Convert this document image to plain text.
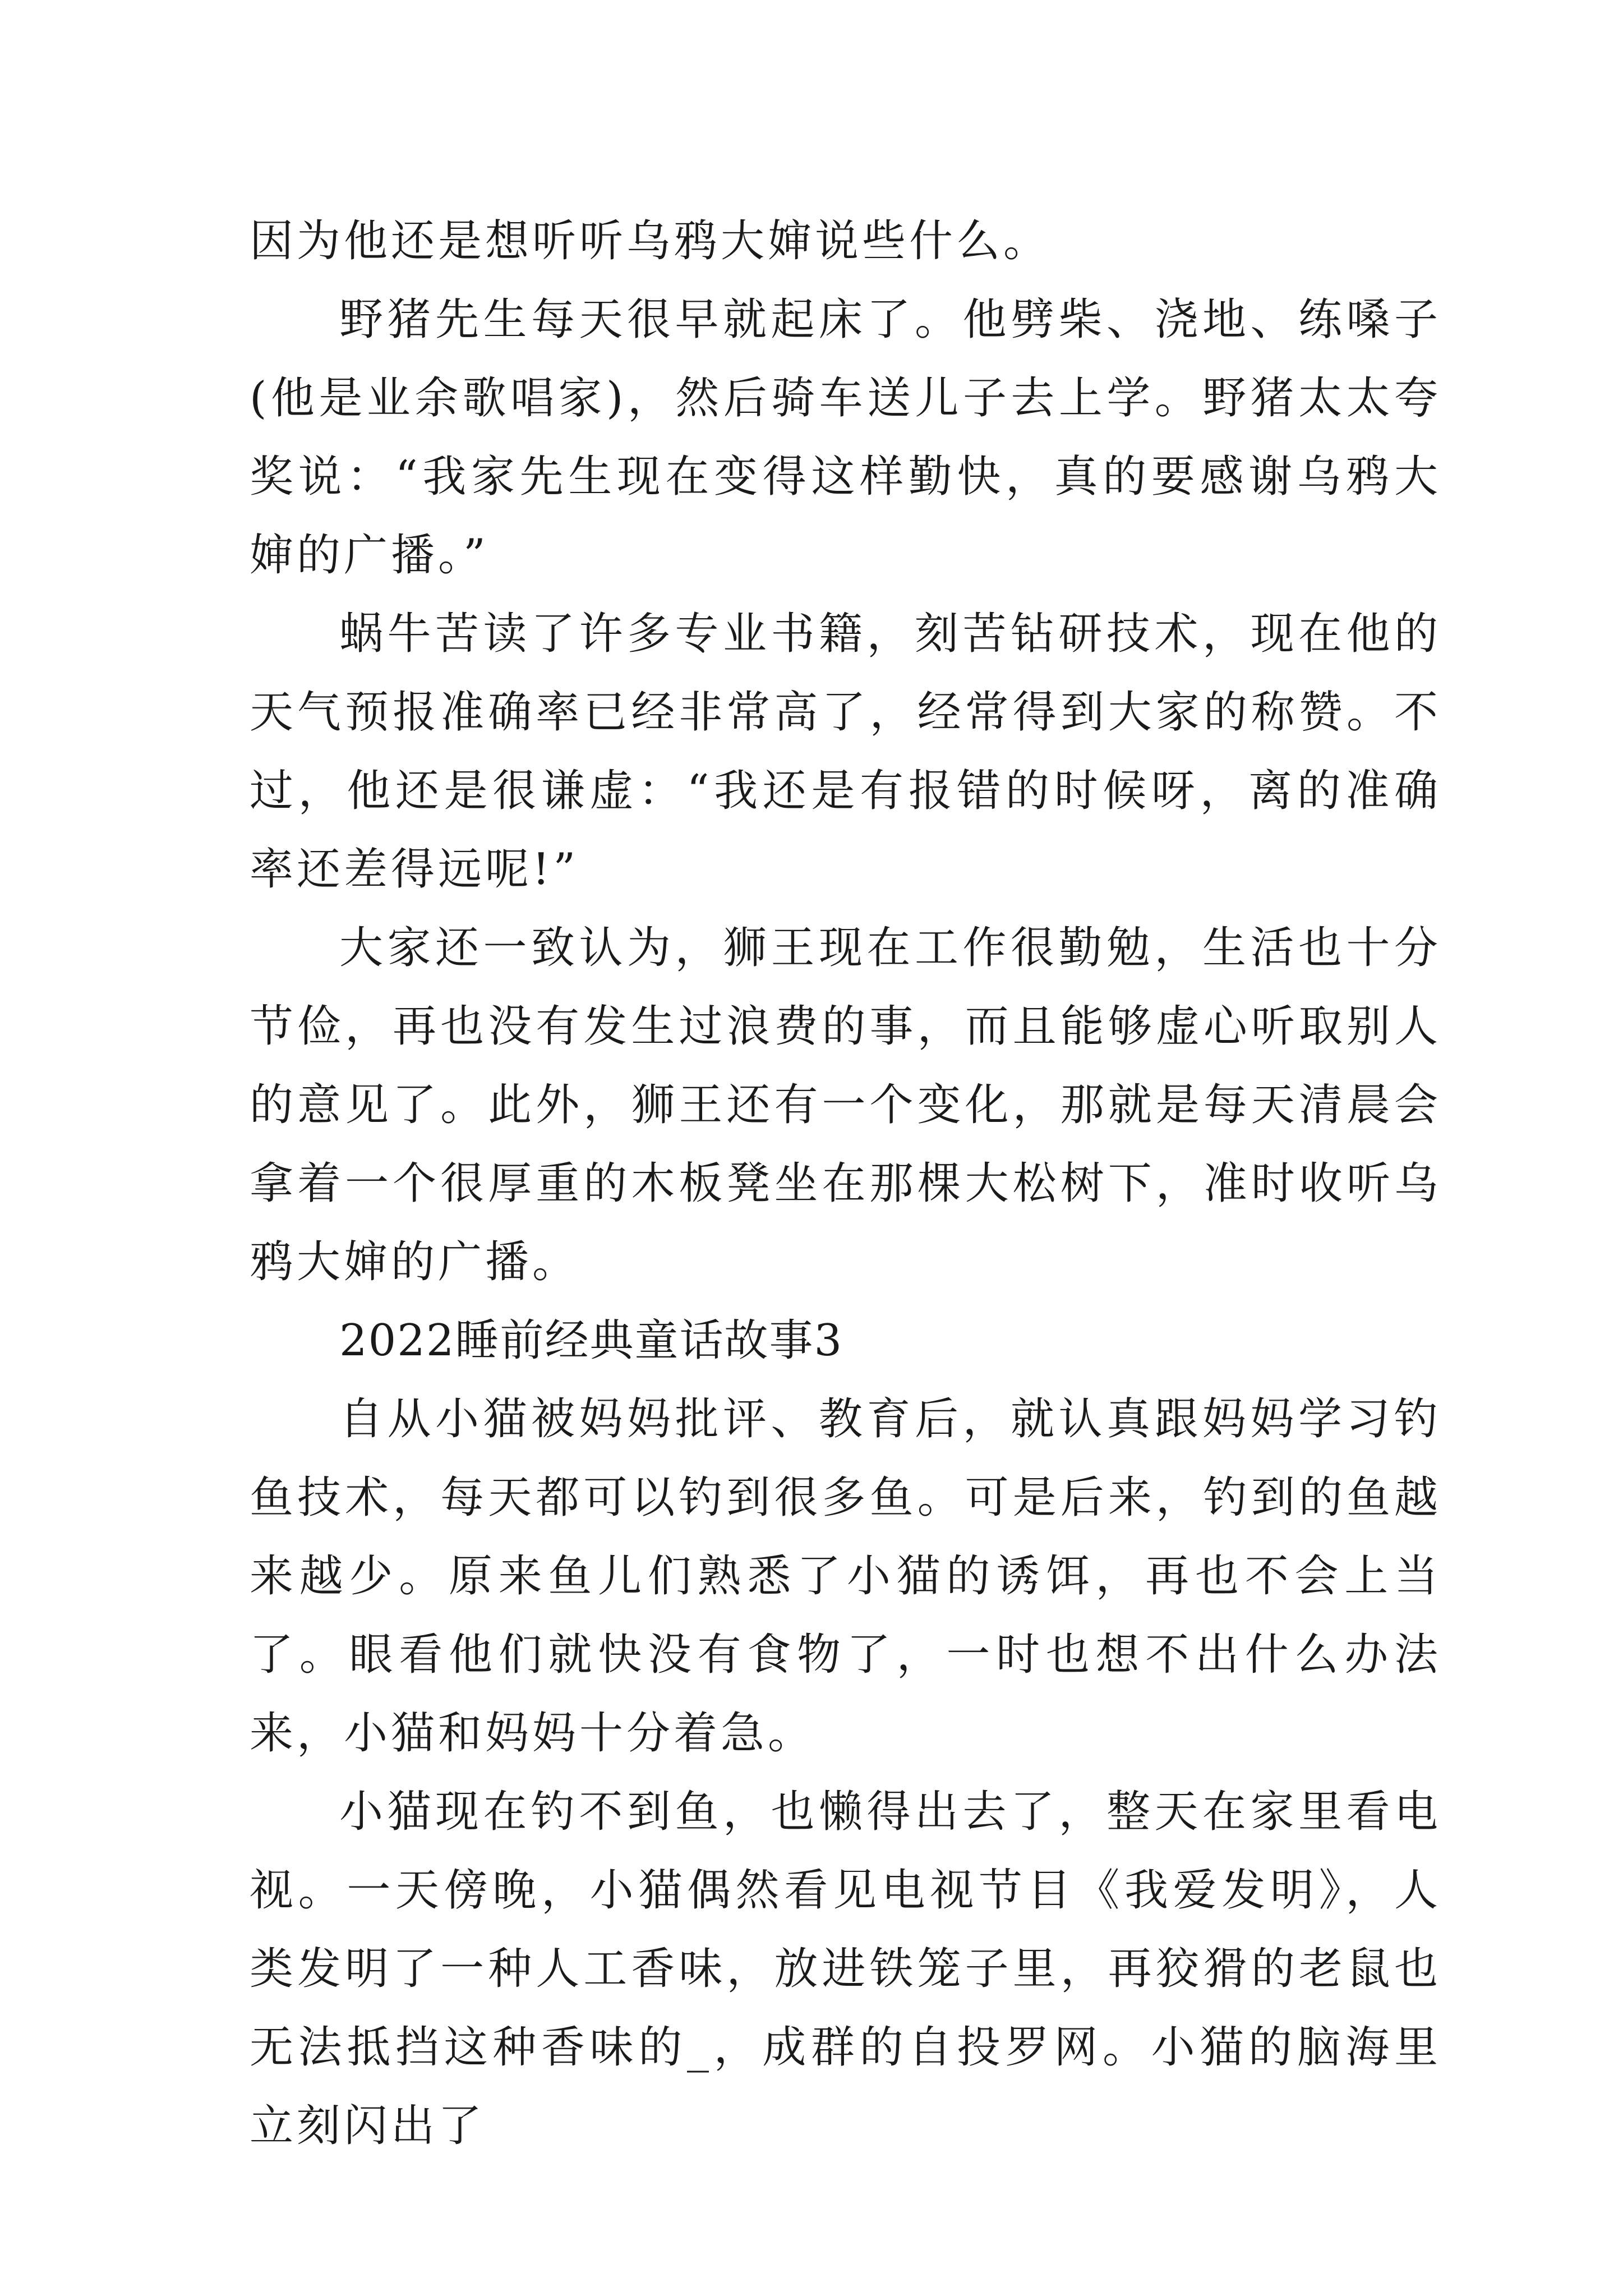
因为他还是想听听乌鸦大婶说些什么。

野猪先生每天很早就起床了。他劈柴、浇地、练嗓子(他是业余歌唱家)，然后骑车送儿子去上学。野猪太太夸奖说：“我家先生现在变得这样勤快，真的要感谢乌鸦大婶的广播。”

蜗牛苦读了许多专业书籍，刻苦钻研技术，现在他的天气预报准确率已经非常高了，经常得到大家的称赞。不过，他还是很谦虚：“我还是有报错的时候呀，离的准确率还差得远呢!”

大家还一致认为，狮王现在工作很勤勉，生活也十分节俭，再也没有发生过浪费的事，而且能够虚心听取别人的意见了。此外，狮王还有一个变化，那就是每天清晨会拿着一个很厚重的木板凳坐在那棵大松树下，准时收听乌鸦大婶的广播。

2022睡前经典童话故事3

自从小猫被妈妈批评、教育后，就认真跟妈妈学习钓鱼技术，每天都可以钓到很多鱼。可是后来，钓到的鱼越来越少。原来鱼儿们熟悉了小猫的诱饵，再也不会上当了。眼看他们就快没有食物了，一时也想不出什么办法来，小猫和妈妈十分着急。

小猫现在钓不到鱼，也懒得出去了，整天在家里看电视。一天傍晚，小猫偶然看见电视节目《我爱发明》，人类发明了一种人工香味，放进铁笼子里，再狡猾的老鼠也无法抵挡这种香味的_，成群的自投罗网。小猫的脑海里立刻闪出了
